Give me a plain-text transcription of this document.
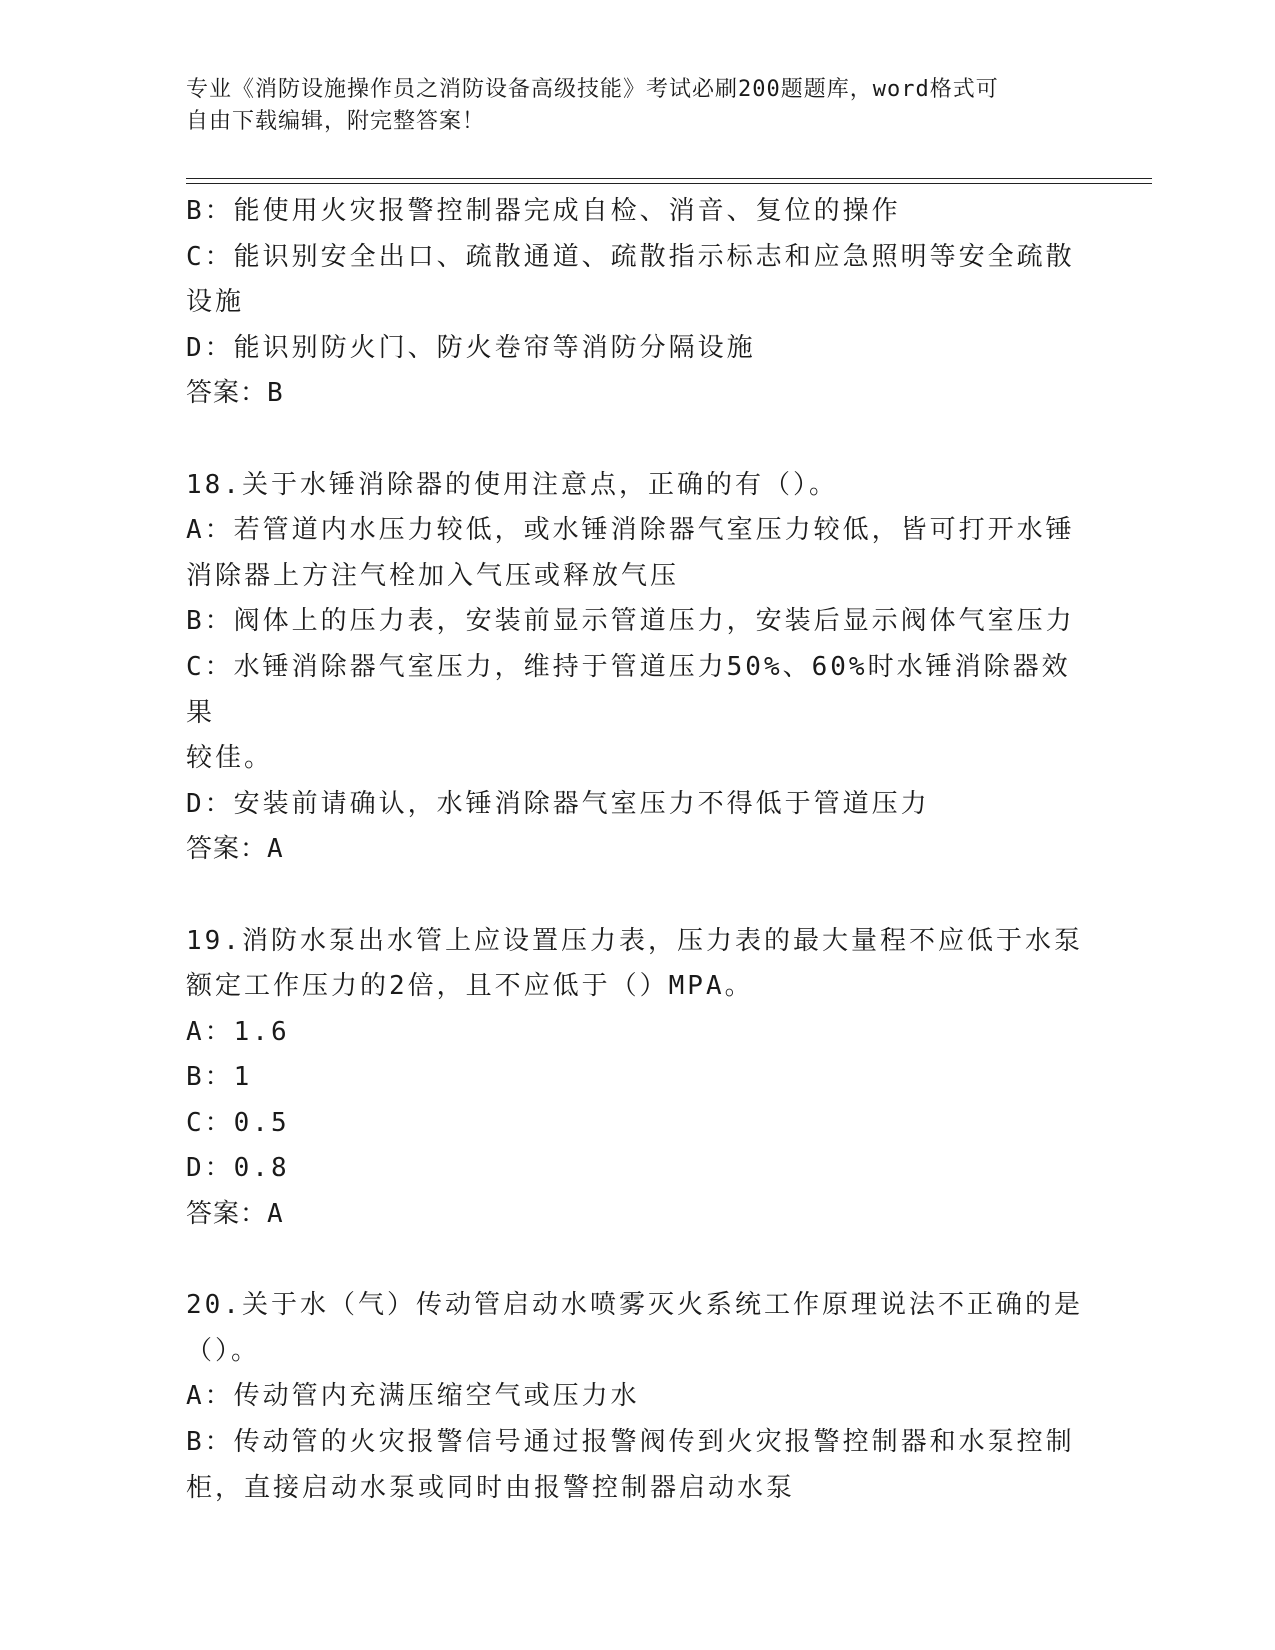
专业《消防设施操作员之消防设备高级技能》考试必刷200题题库，word格式可
自由下载编辑，附完整答案！
B：能使用火灾报警控制器完成自检、消音、复位的操作
C：能识别安全出口、疏散通道、疏散指示标志和应急照明等安全疏散
设施
D：能识别防火门、防火卷帘等消防分隔设施
答案：B
18.关于水锤消除器的使用注意点，正确的有（）。
A：若管道内水压力较低，或水锤消除器气室压力较低，皆可打开水锤
消除器上方注气栓加入气压或释放气压
B：阀体上的压力表，安装前显示管道压力，安装后显示阀体气室压力
C：水锤消除器气室压力，维持于管道压力50%、60%时水锤消除器效果
较佳。
D：安装前请确认，水锤消除器气室压力不得低于管道压力
答案：A
19.消防水泵出水管上应设置压力表，压力表的最大量程不应低于水泵
额定工作压力的2倍，且不应低于（）MPA。
A：1.6
B：1
C：0.5
D：0.8
答案：A
20.关于水（气）传动管启动水喷雾灭火系统工作原理说法不正确的是
（）。
A：传动管内充满压缩空气或压力水
B：传动管的火灾报警信号通过报警阀传到火灾报警控制器和水泵控制
柜，直接启动水泵或同时由报警控制器启动水泵
